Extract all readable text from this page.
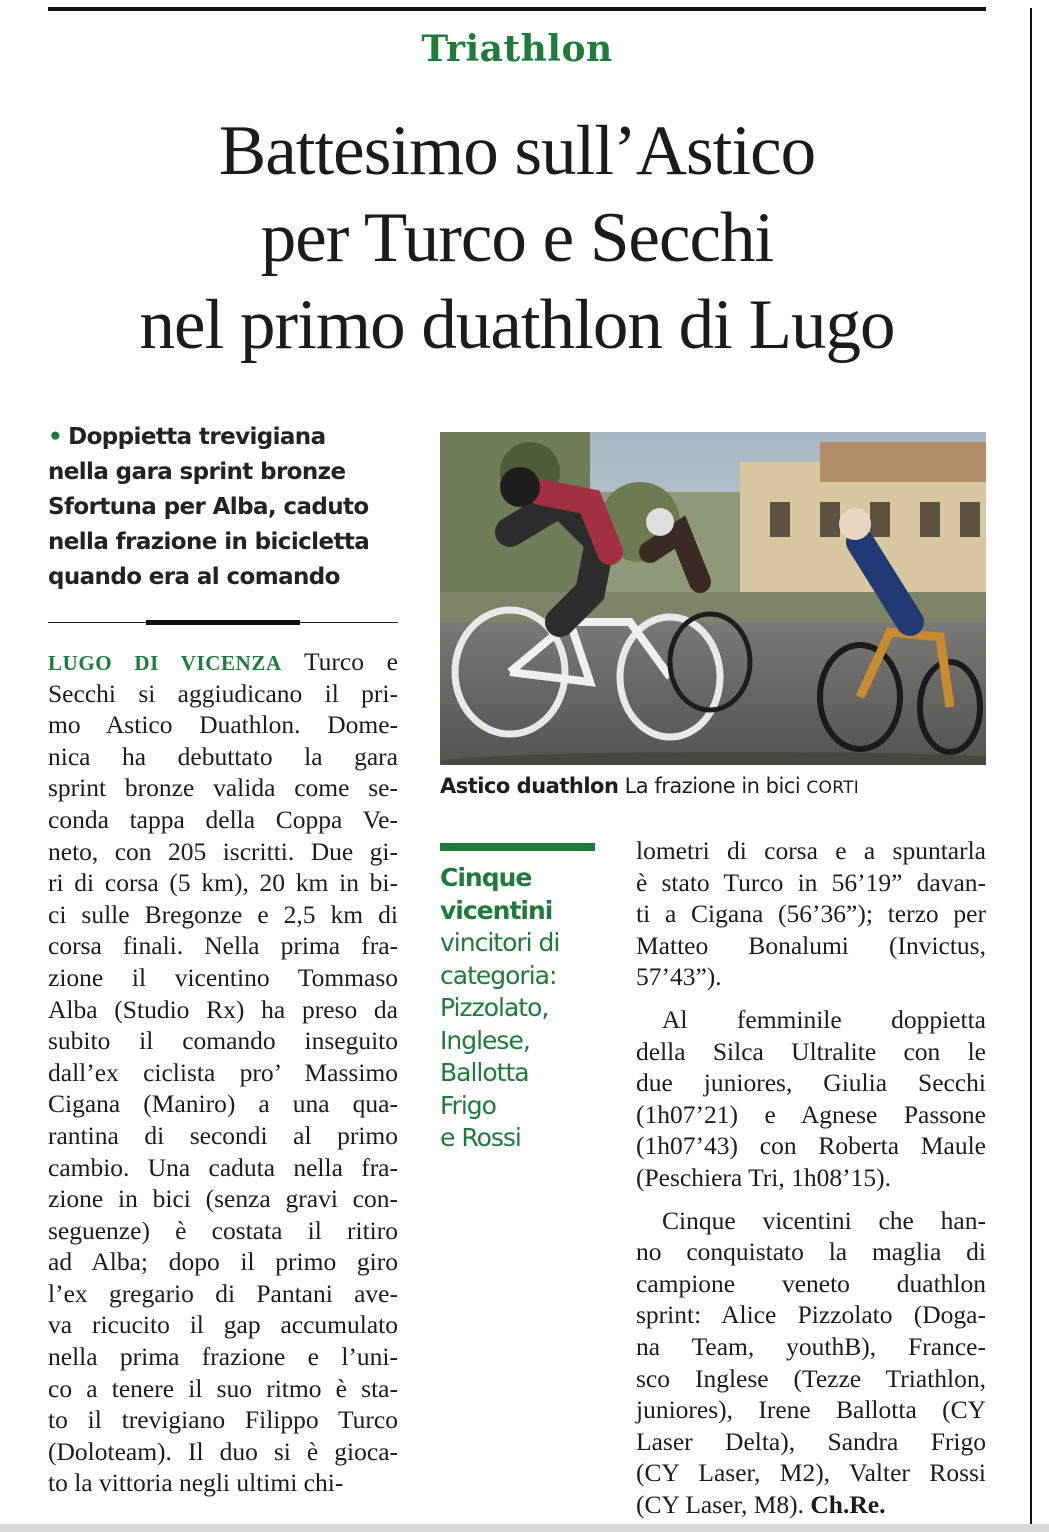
Triathlon
Battesimo sull’Astico
per Turco e Secchi
nel primo duathlon di Lugo
• Doppietta trevigiana
nella gara sprint bronze
Sfortuna per Alba, caduto
nella frazione in bicicletta
quando era al comando
LUGO DI VICENZA Turco e
Secchi si aggiudicano il pri-
mo Astico Duathlon. Dome-
nica ha debuttato la gara
sprint bronze valida come se-
conda tappa della Coppa Ve-
neto, con 205 iscritti. Due gi-
ri di corsa (5 km), 20 km in bi-
ci sulle Bregonze e 2,5 km di
corsa finali. Nella prima fra-
zione il vicentino Tommaso
Alba (Studio Rx) ha preso da
subito il comando inseguito
dall’ex ciclista pro’ Massimo
Cigana (Maniro) a una qua-
rantina di secondi al primo
cambio. Una caduta nella fra-
zione in bici (senza gravi con-
seguenze) è costata il ritiro
ad Alba; dopo il primo giro
l’ex gregario di Pantani ave-
va ricucito il gap accumulato
nella prima frazione e l’uni-
co a tenere il suo ritmo è sta-
to il trevigiano Filippo Turco
(Doloteam). Il duo si è gioca-
to la vittoria negli ultimi chi-
Astico duathlon La frazione in bici CORTI
Cinque
vicentini
vincitori di
categoria:
Pizzolato,
Inglese,
Ballotta
Frigo
e Rossi
lometri di corsa e a spuntarla
è stato Turco in 56’19” davan-
ti a Cigana (56’36”); terzo per
Matteo Bonalumi (Invictus,
57’43”).
Al femminile doppietta
della Silca Ultralite con le
due juniores, Giulia Secchi
(1h07’21) e Agnese Passone
(1h07’43) con Roberta Maule
(Peschiera Tri, 1h08’15).
Cinque vicentini che han-
no conquistato la maglia di
campione veneto duathlon
sprint: Alice Pizzolato (Doga-
na Team, youthB), France-
sco Inglese (Tezze Triathlon,
juniores), Irene Ballotta (CY
Laser Delta), Sandra Frigo
(CY Laser, M2), Valter Rossi
(CY Laser, M8). Ch.Re.
